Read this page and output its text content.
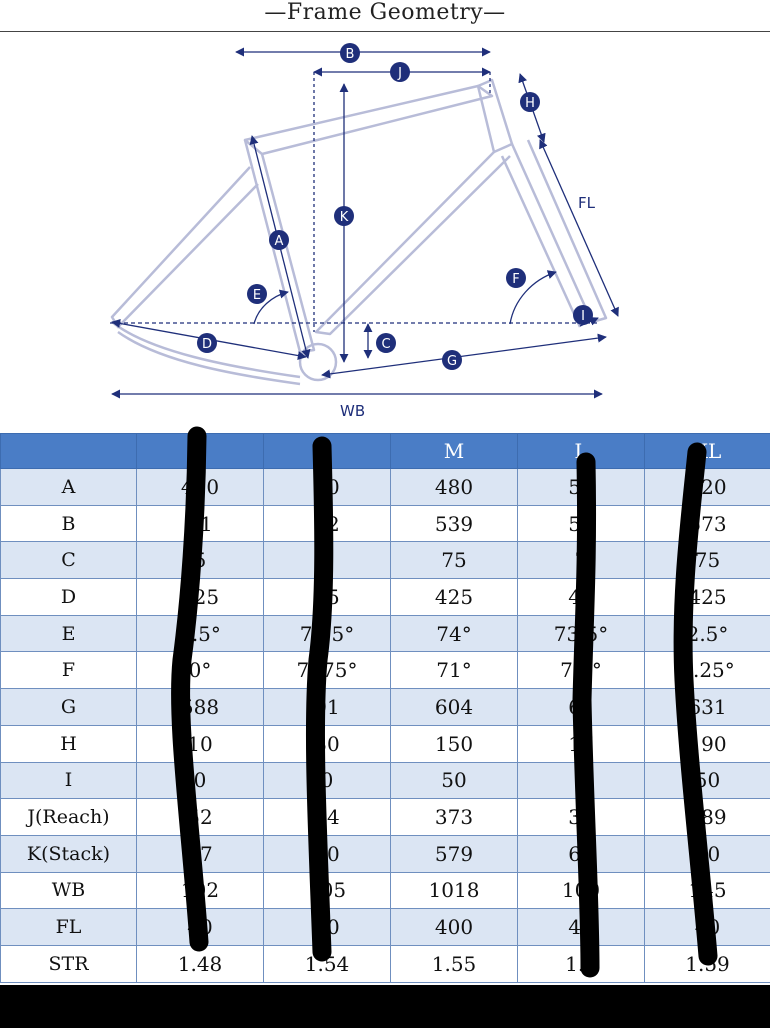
—Frame Geometry—
A
B
C
D
E
F
G
H
I
J
K
FL
WB
	S		M	L	XL
A	420	40	480	50	520
B	11	52	539	56	573
C	5	7	75	7	75
D	425	45	425	45	425
E	7.5°	74.5°	74°	73.5°	2.5°
F	0°	7075°	71°	71.°	7.25°
G	588	91	604	61	631
H	10	30	150	17	190
I	0	0	50	5	50
J(Reach)	52	34	373	38	389
K(Stack)	57	50	579	60	20
WB	102	105	1018	100	145
FL	40	40	400	40	40
STR	1.48	1.54	1.55	1.5	1.59
